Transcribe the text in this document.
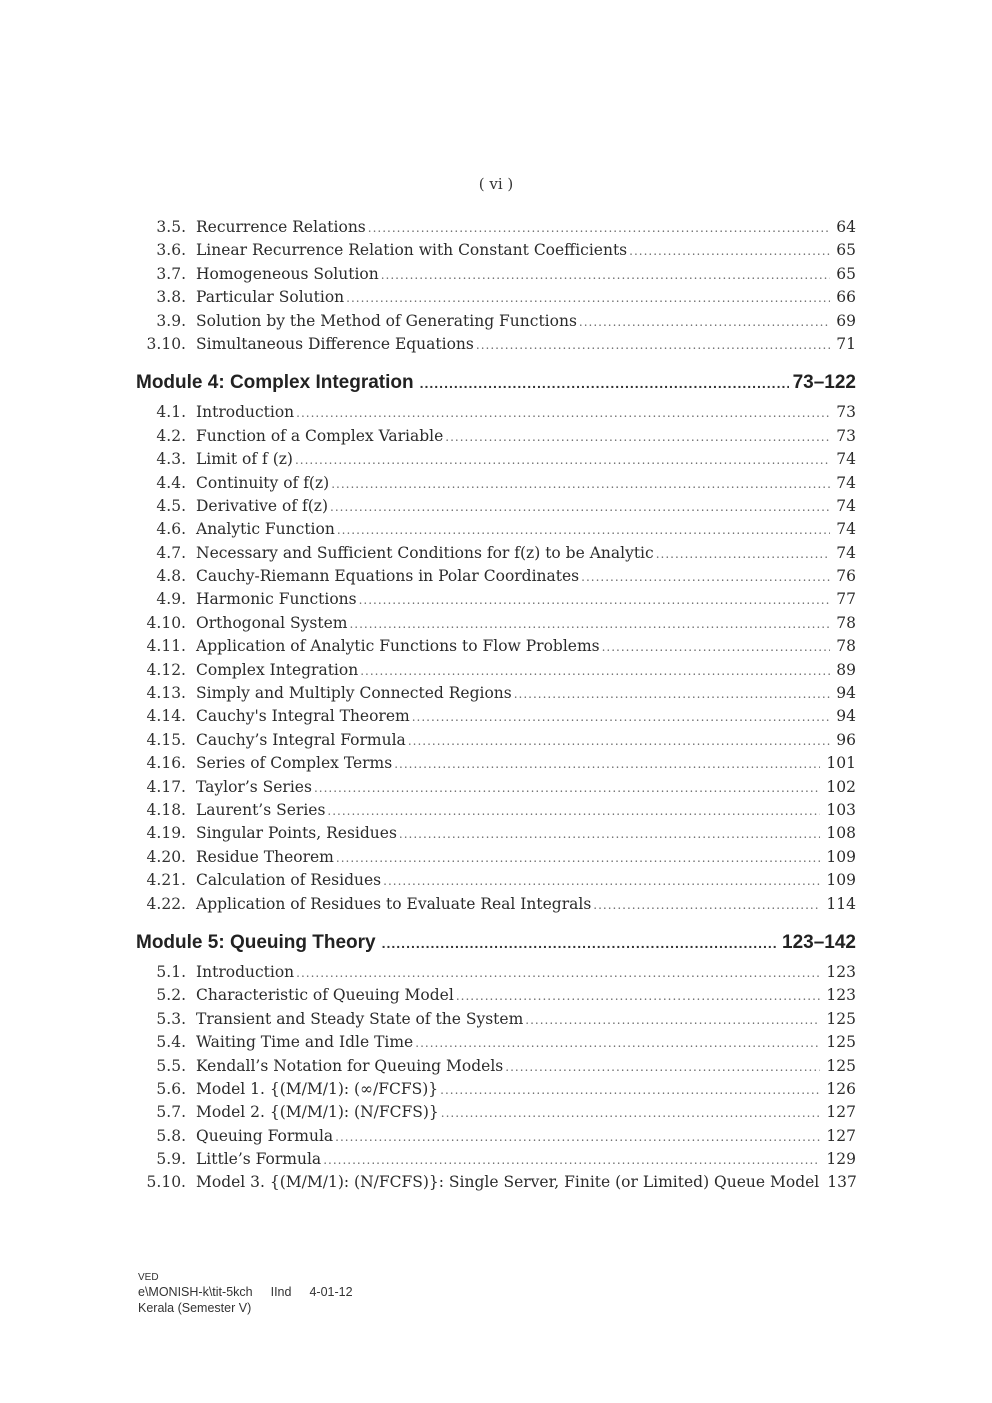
( vi )
3.5. Recurrence Relations .....	64
3.6. Linear Recurrence Relation with Constant Coefficients .....	65
3.7. Homogeneous Solution .....	65
3.8. Particular Solution .....	66
3.9. Solution by the Method of Generating Functions .....	69
3.10. Simultaneous Difference Equations .....	71
Module 4: Complex Integration .....	73–122
4.1. Introduction .....	73
4.2. Function of a Complex Variable .....	73
4.3. Limit of f (z) .....	74
4.4. Continuity of f(z) .....	74
4.5. Derivative of f(z) .....	74
4.6. Analytic Function .....	74
4.7. Necessary and Sufficient Conditions for f(z) to be Analytic .....	74
4.8. Cauchy-Riemann Equations in Polar Coordinates .....	76
4.9. Harmonic Functions .....	77
4.10. Orthogonal System .....	78
4.11. Application of Analytic Functions to Flow Problems .....	78
4.12. Complex Integration .....	89
4.13. Simply and Multiply Connected Regions .....	94
4.14. Cauchy's Integral Theorem .....	94
4.15. Cauchy’s Integral Formula .....	96
4.16. Series of Complex Terms .....	101
4.17. Taylor’s Series .....	102
4.18. Laurent’s Series .....	103
4.19. Singular Points, Residues .....	108
4.20. Residue Theorem .....	109
4.21. Calculation of Residues .....	109
4.22. Application of Residues to Evaluate Real Integrals .....	114
Module 5: Queuing Theory .....	123–142
5.1. Introduction .....	123
5.2. Characteristic of Queuing Model .....	123
5.3. Transient and Steady State of the System .....	125
5.4. Waiting Time and Idle Time .....	125
5.5. Kendall’s Notation for Queuing Models .....	125
5.6. Model 1. {(M/M/1): (∞/FCFS)} .....	126
5.7. Model 2. {(M/M/1): (N/FCFS)} .....	127
5.8. Queuing Formula .....	127
5.9. Little’s Formula .....	129
5.10. Model 3. {(M/M/1): (N/FCFS)}: Single Server, Finite (or Limited) Queue Model 137
VED
e\MONISH-k\tit-5kch IInd 4-01-12
Kerala (Semester V)
